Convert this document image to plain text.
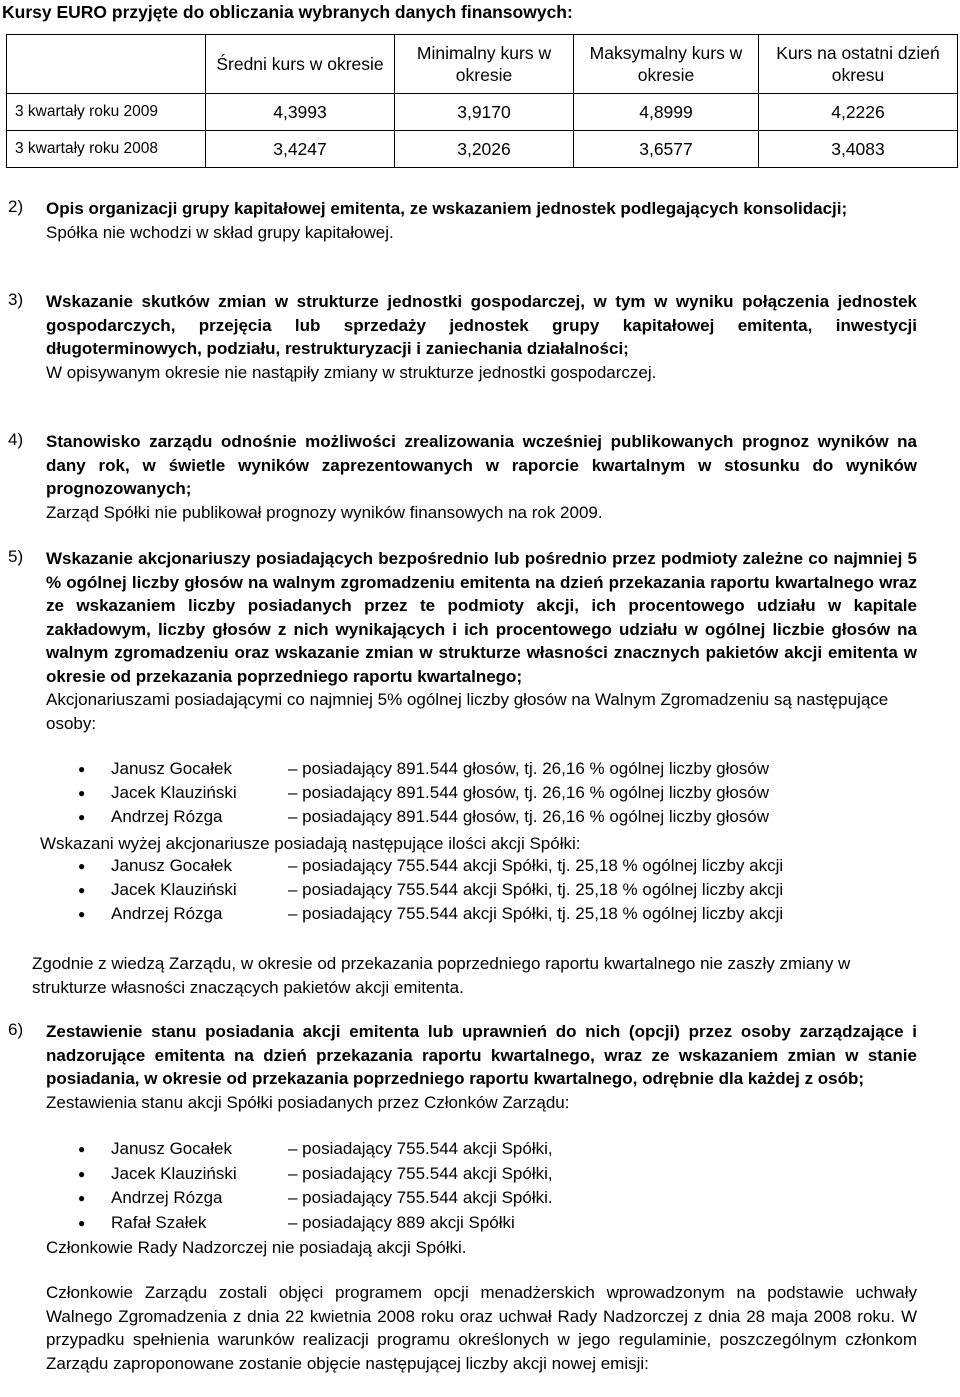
Kursy EURO przyjęte do obliczania wybranych danych finansowych:
	Średni kurs w okresie	Minimalny kurs w okresie	Maksymalny kurs w okresie	Kurs na ostatni dzień okresu
3 kwartały roku 2009	4,3993	3,9170	4,8999	4,2226
3 kwartały roku 2008	3,4247	3,2026	3,6577	3,4083
2) Opis organizacji grupy kapitałowej emitenta, ze wskazaniem jednostek podlegających konsolidacji;
Spółka nie wchodzi w skład grupy kapitałowej.
3) Wskazanie skutków zmian w strukturze jednostki gospodarczej, w tym w wyniku połączenia jednostek gospodarczych, przejęcia lub sprzedaży jednostek grupy kapitałowej emitenta, inwestycji długoterminowych, podziału, restrukturyzacji i zaniechania działalności;
W opisywanym okresie nie nastąpiły zmiany w strukturze jednostki gospodarczej.
4) Stanowisko zarządu odnośnie możliwości zrealizowania wcześniej publikowanych prognoz wyników na dany rok, w świetle wyników zaprezentowanych w raporcie kwartalnym w stosunku do wyników prognozowanych;
Zarząd Spółki nie publikował prognozy wyników finansowych na rok 2009.
5) Wskazanie akcjonariuszy posiadających bezpośrednio lub pośrednio przez podmioty zależne co najmniej 5 % ogólnej liczby głosów na walnym zgromadzeniu emitenta na dzień przekazania raportu kwartalnego wraz ze wskazaniem liczby posiadanych przez te podmioty akcji, ich procentowego udziału w kapitale zakładowym, liczby głosów z nich wynikających i ich procentowego udziału w ogólnej liczbie głosów na walnym zgromadzeniu oraz wskazanie zmian w strukturze własności znacznych pakietów akcji emitenta w okresie od przekazania poprzedniego raportu kwartalnego;
Akcjonariuszami posiadającymi co najmniej 5% ogólnej liczby głosów na Walnym Zgromadzeniu są następujące osoby:
● Janusz Gocałek	– posiadający 891.544 głosów, tj. 26,16 % ogólnej liczby głosów
● Jacek Klauziński	– posiadający 891.544 głosów, tj. 26,16 % ogólnej liczby głosów
● Andrzej Rózga	– posiadający 891.544 głosów, tj. 26,16 % ogólnej liczby głosów
Wskazani wyżej akcjonariusze posiadają następujące ilości akcji Spółki:
● Janusz Gocałek	– posiadający 755.544 akcji Spółki, tj. 25,18 % ogólnej liczby akcji
● Jacek Klauziński	– posiadający 755.544 akcji Spółki, tj. 25,18 % ogólnej liczby akcji
● Andrzej Rózga	– posiadający 755.544 akcji Spółki, tj. 25,18 % ogólnej liczby akcji
Zgodnie z wiedzą Zarządu, w okresie od przekazania poprzedniego raportu kwartalnego nie zaszły zmiany w strukturze własności znaczących pakietów akcji emitenta.
6) Zestawienie stanu posiadania akcji emitenta lub uprawnień do nich (opcji) przez osoby zarządzające i nadzorujące emitenta na dzień przekazania raportu kwartalnego, wraz ze wskazaniem zmian w stanie posiadania, w okresie od przekazania poprzedniego raportu kwartalnego, odrębnie dla każdej z osób;
Zestawienia stanu akcji Spółki posiadanych przez Członków Zarządu:
● Janusz Gocałek	– posiadający 755.544 akcji Spółki,
● Jacek Klauziński	– posiadający 755.544 akcji Spółki,
● Andrzej Rózga	– posiadający 755.544 akcji Spółki.
● Rafał Szałek	– posiadający 889 akcji Spółki
Członkowie Rady Nadzorczej nie posiadają akcji Spółki.
Członkowie Zarządu zostali objęci programem opcji menadżerskich wprowadzonym na podstawie uchwały Walnego Zgromadzenia z dnia 22 kwietnia 2008 roku oraz uchwał Rady Nadzorczej z dnia 28 maja 2008 roku. W przypadku spełnienia warunków realizacji programu określonych w jego regulaminie, poszczególnym członkom Zarządu zaproponowane zostanie objęcie następującej liczby akcji nowej emisji:
